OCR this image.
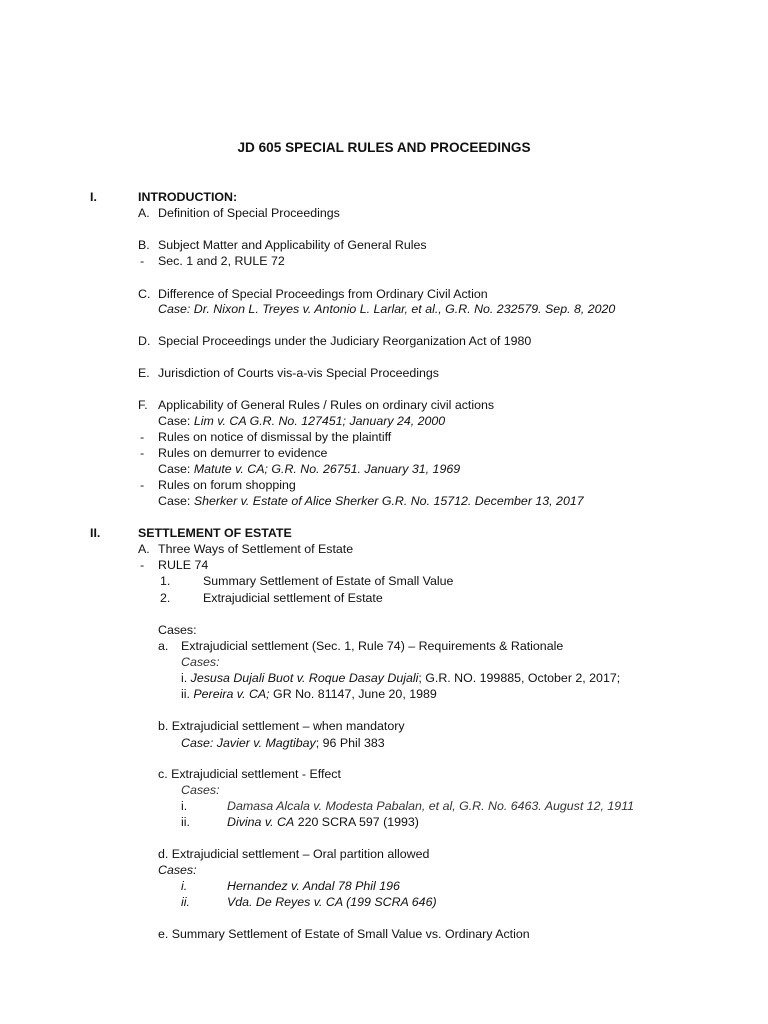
JD 605 SPECIAL RULES AND PROCEEDINGS
I.	INTRODUCTION:
A. Definition of Special Proceedings
B. Subject Matter and Applicability of General Rules
- Sec. 1 and 2, RULE 72
C. Difference of Special Proceedings from Ordinary Civil Action
Case: Dr. Nixon L. Treyes v. Antonio L. Larlar, et al., G.R. No. 232579. Sep. 8, 2020
D. Special Proceedings under the Judiciary Reorganization Act of 1980
E. Jurisdiction of Courts vis-a-vis Special Proceedings
F. Applicability of General Rules / Rules on ordinary civil actions
Case: Lim v. CA G.R. No. 127451; January 24, 2000
- Rules on notice of dismissal by the plaintiff
- Rules on demurrer to evidence
Case: Matute v. CA; G.R. No. 26751. January 31, 1969
- Rules on forum shopping
Case: Sherker v. Estate of Alice Sherker G.R. No. 15712. December 13, 2017
II.	SETTLEMENT OF ESTATE
A. Three Ways of Settlement of Estate
- RULE 74
1.	Summary Settlement of Estate of Small Value
2.	Extrajudicial settlement of Estate
Cases:
a. Extrajudicial settlement (Sec. 1, Rule 74) – Requirements & Rationale
Cases:
i. Jesusa Dujali Buot v. Roque Dasay Dujali; G.R. NO. 199885, October 2, 2017;
ii. Pereira v. CA; GR No. 81147, June 20, 1989
b. Extrajudicial settlement – when mandatory
Case: Javier v. Magtibay; 96 Phil 383
c. Extrajudicial settlement - Effect
Cases:
i.	Damasa Alcala v. Modesta Pabalan, et al, G.R. No. 6463. August 12, 1911
ii.	Divina v. CA 220 SCRA 597 (1993)
d. Extrajudicial settlement – Oral partition allowed
Cases:
i.	Hernandez v. Andal 78 Phil 196
ii.	Vda. De Reyes v. CA (199 SCRA 646)
e. Summary Settlement of Estate of Small Value vs. Ordinary Action
